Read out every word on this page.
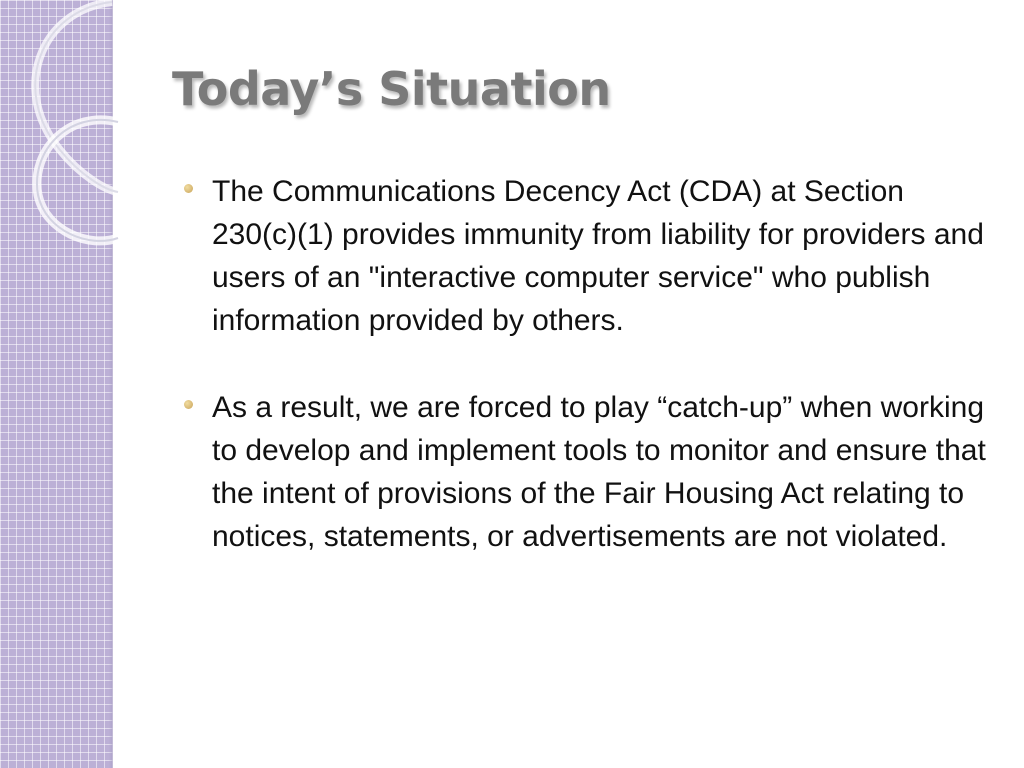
Today’s Situation
The Communications Decency Act (CDA) at Section 230(c)(1) provides immunity from liability for providers and users of an "interactive computer service" who publish information provided by others.
As a result, we are forced to play “catch-up” when working to develop and implement tools to monitor and ensure that the intent of provisions of the Fair Housing Act relating to notices, statements, or advertisements are not violated.
